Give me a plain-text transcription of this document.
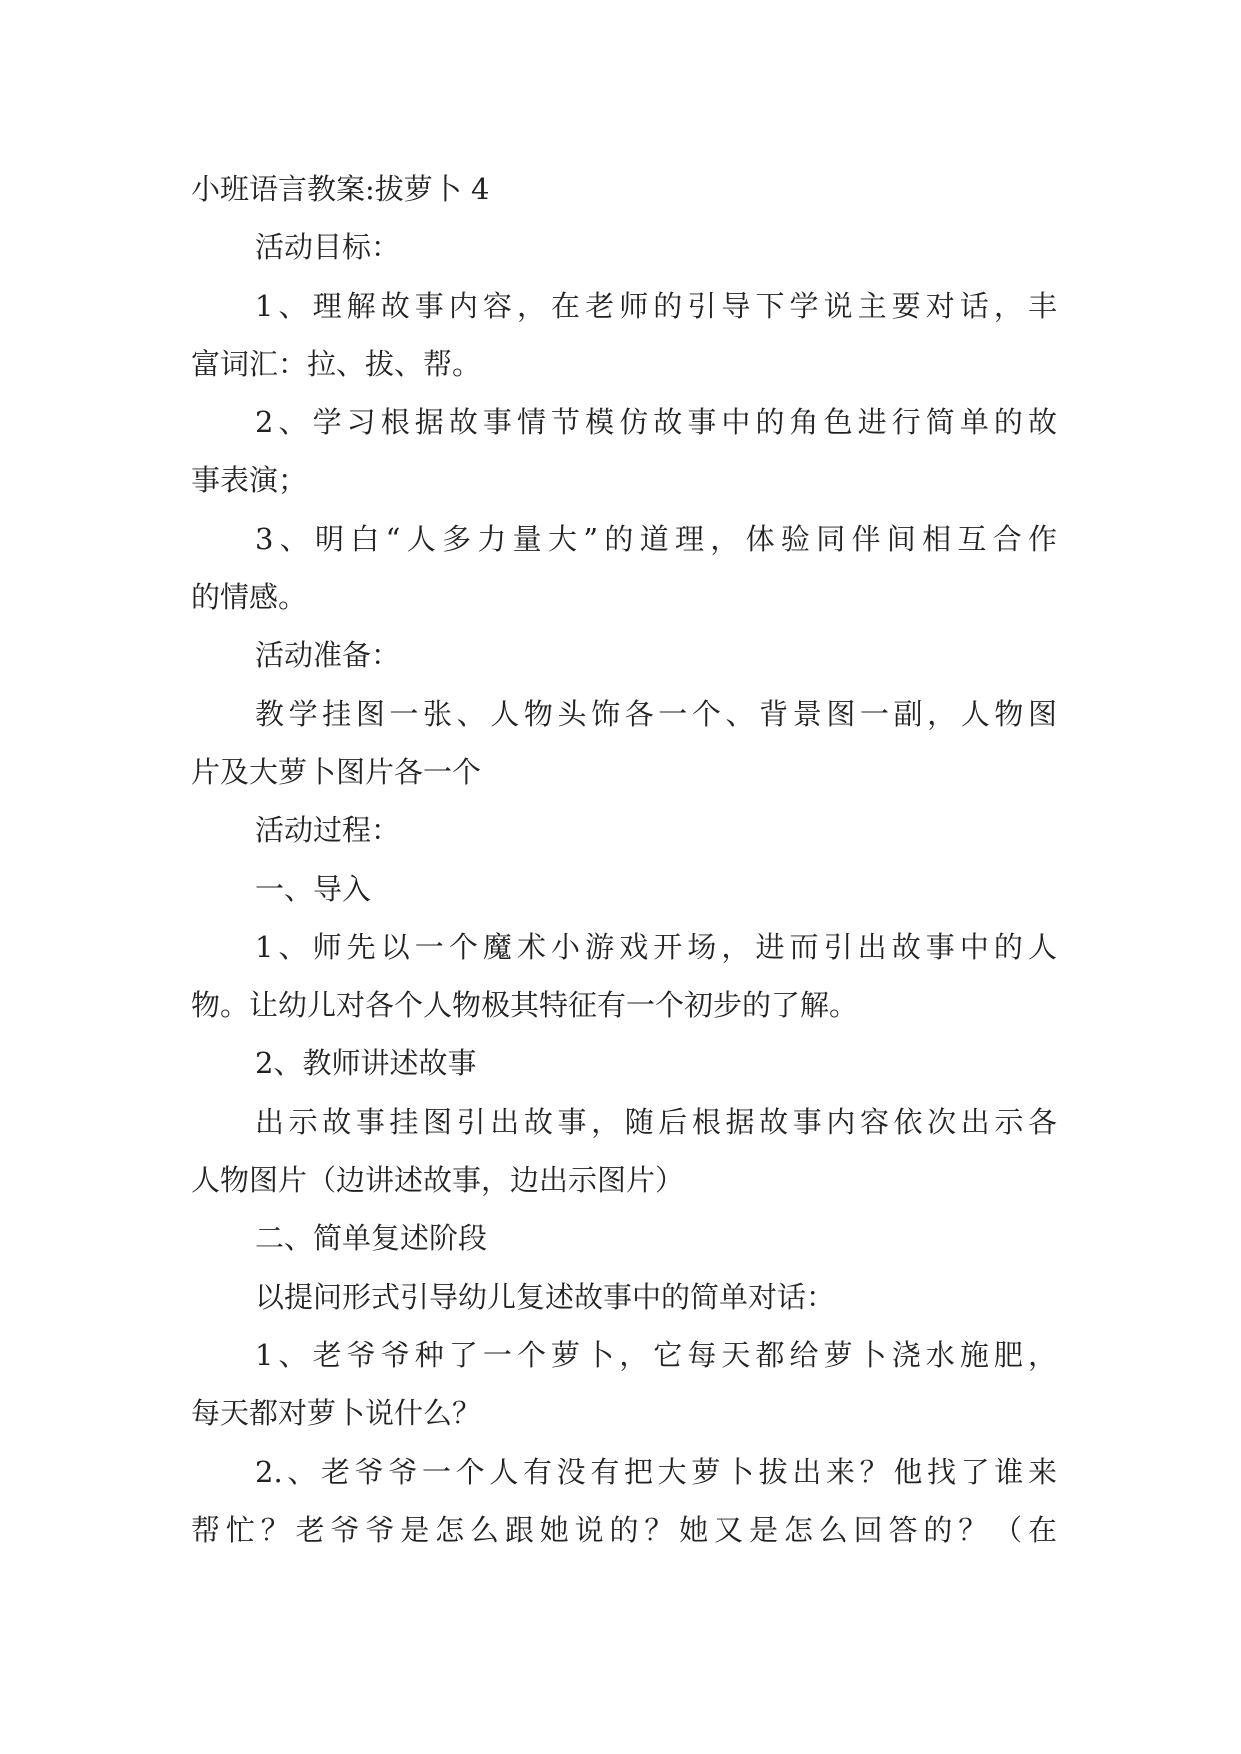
小班语言教案:拔萝卜 4
活动目标：
1、理解故事内容，在老师的引导下学说主要对话，丰
富词汇：拉、拔、帮。
2、学习根据故事情节模仿故事中的角色进行简单的故
事表演；
3、明白“人多力量大”的道理，体验同伴间相互合作
的情感。
活动准备：
教学挂图一张、人物头饰各一个、背景图一副，人物图
片及大萝卜图片各一个
活动过程：
一、导入
1、师先以一个魔术小游戏开场，进而引出故事中的人
物。让幼儿对各个人物极其特征有一个初步的了解。
2、教师讲述故事
出示故事挂图引出故事，随后根据故事内容依次出示各
人物图片（边讲述故事，边出示图片）
二、简单复述阶段
以提问形式引导幼儿复述故事中的简单对话：
1、老爷爷种了一个萝卜，它每天都给萝卜浇水施肥，
每天都对萝卜说什么？
2.、老爷爷一个人有没有把大萝卜拔出来？他找了谁来
帮忙？老爷爷是怎么跟她说的？她又是怎么回答的？（在
